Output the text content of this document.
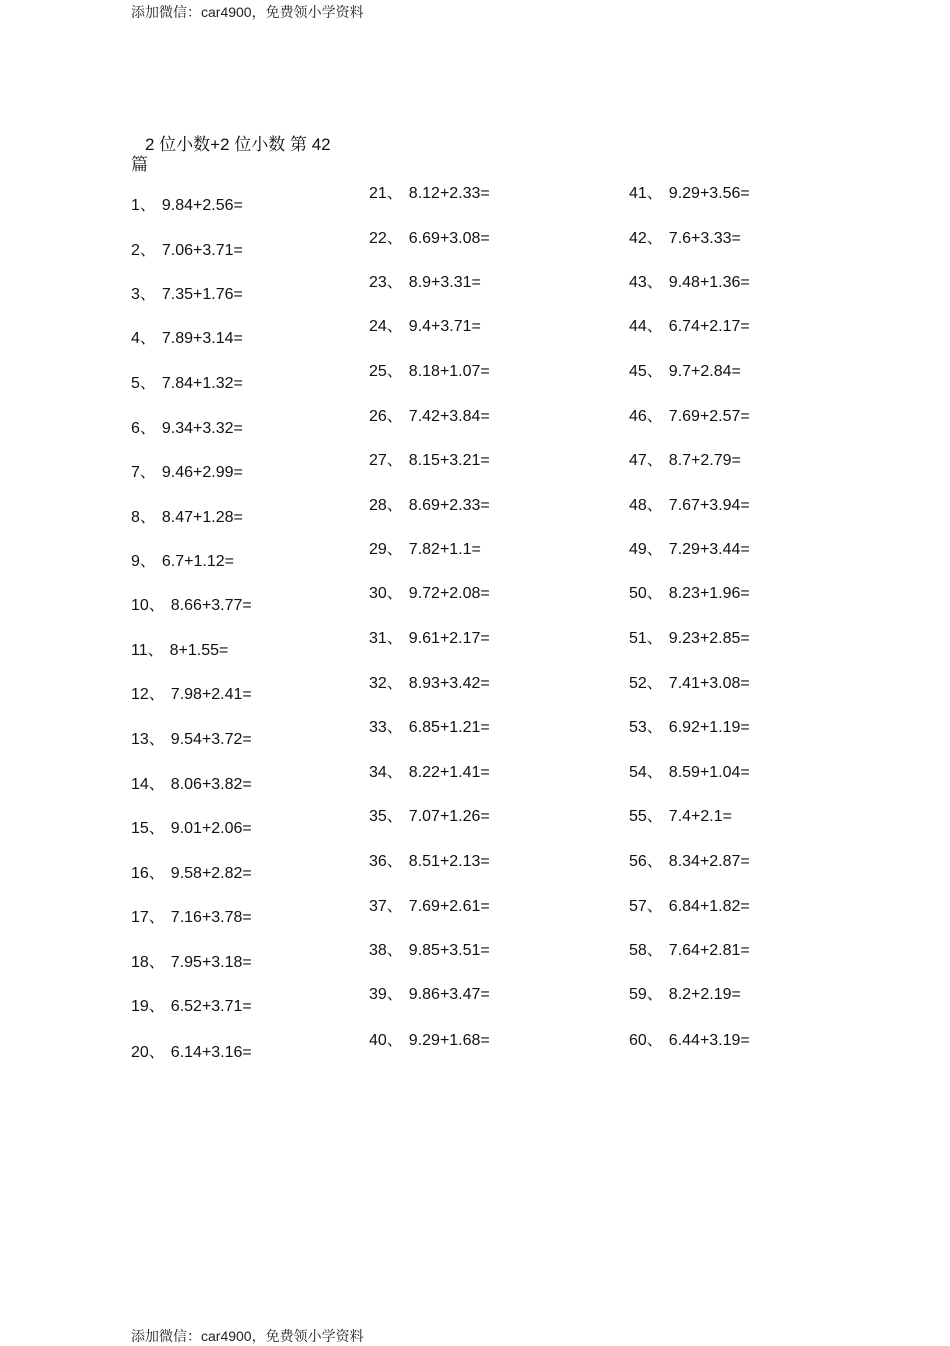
添加微信：car4900，免费领小学资料
2 位小数+2 位小数 第 42
篇
1、 9.84+2.56=
2、 7.06+3.71=
3、 7.35+1.76=
4、 7.89+3.14=
5、 7.84+1.32=
6、 9.34+3.32=
7、 9.46+2.99=
8、 8.47+1.28=
9、 6.7+1.12=
10、 8.66+3.77=
11、 8+1.55=
12、 7.98+2.41=
13、 9.54+3.72=
14、 8.06+3.82=
15、 9.01+2.06=
16、 9.58+2.82=
17、 7.16+3.78=
18、 7.95+3.18=
19、 6.52+3.71=
20、 6.14+3.16=
21、 8.12+2.33=
22、 6.69+3.08=
23、 8.9+3.31=
24、 9.4+3.71=
25、 8.18+1.07=
26、 7.42+3.84=
27、 8.15+3.21=
28、 8.69+2.33=
29、 7.82+1.1=
30、 9.72+2.08=
31、 9.61+2.17=
32、 8.93+3.42=
33、 6.85+1.21=
34、 8.22+1.41=
35、 7.07+1.26=
36、 8.51+2.13=
37、 7.69+2.61=
38、 9.85+3.51=
39、 9.86+3.47=
40、 9.29+1.68=
41、 9.29+3.56=
42、 7.6+3.33=
43、 9.48+1.36=
44、 6.74+2.17=
45、 9.7+2.84=
46、 7.69+2.57=
47、 8.7+2.79=
48、 7.67+3.94=
49、 7.29+3.44=
50、 8.23+1.96=
51、 9.23+2.85=
52、 7.41+3.08=
53、 6.92+1.19=
54、 8.59+1.04=
55、 7.4+2.1=
56、 8.34+2.87=
57、 6.84+1.82=
58、 7.64+2.81=
59、 8.2+2.19=
60、 6.44+3.19=
添加微信：car4900，免费领小学资料
